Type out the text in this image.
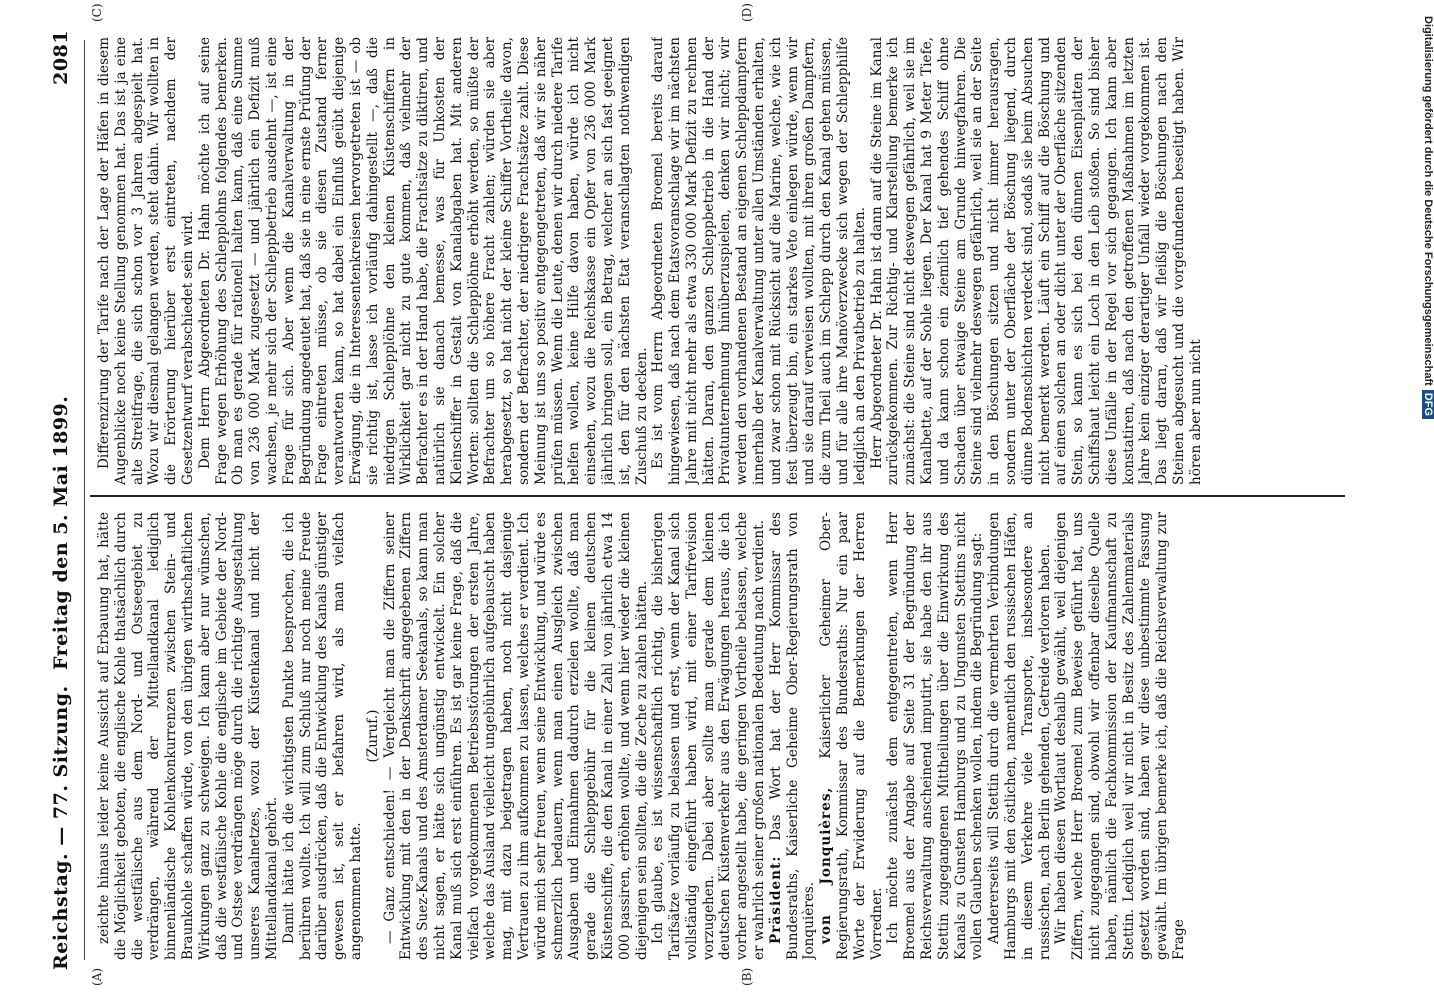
Reichstag. — 77. Sitzung.
Freitag den 5. Mai 1899.
2081
(A)	(B)
(C)	(D)

zeichte hinaus leider keine Aussicht auf Erbauung hat, hätte die Möglichkeit geboten, die englische Kohle thatsächlich durch die westfälische aus dem Nord- und Ostseegebiet zu verdrängen, während der Mittellandkanal lediglich binnenländische Kohlenkonkurrenzen zwischen Stein- und Braunkohle schaffen würde, von den übrigen wirthschaftlichen Wirkungen ganz zu schweigen. Ich kann aber nur wünschen, daß die westfälische Kohle die englische im Gebiete der Nord- und Ostsee verdrängen möge durch die richtige Ausgestaltung unseres Kanalnetzes, wozu der Küstenkanal und nicht der Mittellandkanal gehört. Damit hätte ich die wichtigsten Punkte besprochen, die ich berühren wollte. Ich will zum Schluß nur noch meine Freude darüber ausdrücken, daß die Entwicklung des Kanals günstiger gewesen ist, seit er befahren wird, als man vielfach angenommen hatte.

(Zuruf.) — Ganz entschieden! — Vergleicht man die Ziffern seiner Entwicklung mit den in der Denkschrift angegebenen Ziffern des Suez-Kanals und des Amsterdamer Seekanals, so kann man nicht sagen, er hätte sich ungünstig entwickelt. Ein solcher Kanal muß sich erst einführen. Es ist gar keine Frage, daß die vielfach vorgekommenen Betriebsstörungen der ersten Jahre, welche das Ausland vielleicht ungebührlich aufgebauscht haben mag, mit dazu beigetragen haben, noch nicht dasjenige Vertrauen zu ihm aufkommen zu lassen, welches er verdient. Ich würde mich sehr freuen, wenn seine Entwicklung, und würde es schmerzlich bedauern, wenn man einen Ausgleich zwischen Ausgaben und Einnahmen dadurch erzielen wollte, daß man gerade die Schleppgebühr für die kleinen deutschen Küstenschiffe, die den Kanal in einer Zahl von jährlich etwa 14 000 passiren, erhöhen wollte, und wenn hier wieder die kleinen diejenigen sein sollten, die die Zeche zu zahlen hätten. Ich glaube, es ist wissenschaftlich richtig, die bisherigen Tarifsätze vorläufig zu belassen und erst, wenn der Kanal sich vollständig eingeführt haben wird, mit einer Tarifrevision vorzugehen. Dabei aber sollte man gerade dem kleinen deutschen Küstenverkehr aus den Erwägungen heraus, die ich vorher angestellt habe, die geringen Vortheile belassen, welche er wahrlich seiner großen nationalen Bedeutung nach verdient. Präsident: Das Wort hat der Herr Kommissar des Bundesraths, Kaiserliche Geheime Ober-Regierungsrath von Jonquières. von Jonquières, Kaiserlicher Geheimer Ober-Regierungsrath, Kommissar des Bundesraths: Nur ein paar Worte der Erwiderung auf die Bemerkungen der Herren Vorredner. Ich möchte zunächst dem entgegentreten, wenn Herr Broemel aus der Angabe auf Seite 31 der Begründung der Reichsverwaltung anscheinend imputirt, sie habe den ihr aus Stettin zugegangenen Mittheilungen über die Einwirkung des Kanals zu Gunsten Hamburgs und zu Ungunsten Stettins nicht vollen Glauben schenken wollen, indem die Begründung sagt: Andererseits will Stettin durch die vermehrten Verbindungen Hamburgs mit den östlichen, namentlich den russischen Häfen, in diesem Verkehre viele Transporte, insbesondere an russischen, nach Berlin gehenden, Getreide verloren haben. Wir haben diesen Wortlaut deshalb gewählt, weil diejenigen Ziffern, welche Herr Broemel zum Beweise geführt hat, uns nicht zugegangen sind, obwohl wir offenbar dieselbe Quelle haben, nämlich die Fachkommission der Kaufmannschaft zu Stettin. Lediglich weil wir nicht in Besitz des Zahlenmaterials gesetzt worden sind, haben wir diese unbestimmte Fassung gewählt. Im übrigen bemerke ich, daß die Reichsverwaltung zur Frage

Differenzirung der Tarife nach der Lage der Häfen in diesem Augenblicke noch keine Stellung genommen hat. Das ist ja eine alte Streitfrage, die sich schon vor 3 Jahren abgespielt hat. Wozu wir diesmal gelangen werden, steht dahin. Wir wollten in die Erörterung hierüber erst eintreten, nachdem der Gesetzentwurf verabschiedet sein wird. Dem Herrn Abgeordneten Dr. Hahn möchte ich auf seine Frage wegen Erhöhung des Schlepplohns folgendes bemerken. Ob man es gerade für rationell halten kann, daß eine Summe von 236 000 Mark zugesetzt — und jährlich ein Defizit muß wachsen, je mehr sich der Schleppbetrieb ausdehnt —, ist eine Frage für sich. Aber wenn die Kanalverwaltung in der Begründung angedeutet hat, daß sie in eine ernste Prüfung der Frage eintreten müsse, ob sie diesen Zustand ferner verantworten kann, so hat dabei ein Einfluß geübt diejenige Erwägung, die in Interessentenkreisen hervorgetreten ist — ob sie richtig ist, lasse ich vorläufig dahingestellt —, daß die niedrigen Schlepplöhne den kleinen Küstenschiffern in Wirklichkeit gar nicht zu gute kommen, daß vielmehr der Befrachter es in der Hand habe, die Frachtsätze zu diktiren, und natürlich sie danach bemesse, was für Unkosten der Kleinschiffer in Gestalt von Kanalabgaben hat. Mit anderen Worten: sollten die Schlepplöhne erhöht werden, so müßte der Befrachter um so höhere Fracht zahlen; würden sie aber herabgesetzt, so hat nicht der kleine Schiffer Vortheile davon, sondern der Befrachter, der niedrigere Frachtsätze zahlt. Diese Meinung ist uns so positiv entgegengetreten, daß wir sie näher prüfen müssen. Wenn die Leute, denen wir durch niedere Tarife helfen wollen, keine Hilfe davon haben, würde ich nicht einsehen, wozu die Reichskasse ein Opfer von 236 000 Mark jährlich bringen soll, ein Betrag, welcher an sich fast geeignet ist, den für den nächsten Etat veranschlagten nothwendigen Zuschuß zu decken. Es ist vom Herrn Abgeordneten Broemel bereits darauf hingewiesen, daß nach dem Etatsvoranschlage wir im nächsten Jahre mit nicht mehr als etwa 330 000 Mark Defizit zu rechnen hätten. Daran, den ganzen Schleppbetrieb in die Hand der Privatunternehmung hinüberzuspielen, denken wir nicht; wir werden den vorhandenen Bestand an eigenen Schleppdampfern innerhalb der Kanalverwaltung unter allen Umständen erhalten, und zwar schon mit Rücksicht auf die Marine, welche, wie ich fest überzeugt bin, ein starkes Veto einlegen würde, wenn wir und sie darauf verweisen wollten, mit ihren großen Dampfern, die zum Theil auch im Schlepp durch den Kanal gehen müssen, und für alle ihre Manöverzwecke sich wegen der Schlepphilfe lediglich an den Privatbetrieb zu halten. Herr Abgeordneter Dr. Hahn ist dann auf die Steine im Kanal zurückgekommen. Zur Richtig- und Klarstellung bemerke ich zunächst: die Steine sind nicht deswegen gefährlich, weil sie im Kanalbette, auf der Sohle liegen. Der Kanal hat 9 Meter Tiefe, und da kann schon ein ziemlich tief gehendes Schiff ohne Schaden über etwaige Steine am Grunde hinwegfahren. Die Steine sind vielmehr deswegen gefährlich, weil sie an der Seite in den Böschungen sitzen und nicht immer herausragen, sondern unter der Oberfläche der Böschung liegend, durch dünne Bodenschichten verdeckt sind, sodaß sie beim Absuchen nicht bemerkt werden. Läuft ein Schiff auf die Böschung und auf einen solchen an oder dicht unter der Oberfläche sitzenden Stein, so kann es sich bei den dünnen Eisenplatten der Schiffshaut leicht ein Loch in den Leib stoßen. So sind bisher diese Unfälle in der Regel vor sich gegangen. Ich kann aber konstatiren, daß nach den getroffenen Maßnahmen im letzten Jahre kein einziger derartiger Unfall wieder vorgekommen ist. Das liegt daran, daß wir fleißig die Böschungen nach den Steinen abgesucht und die vorgefundenen beseitigt haben. Wir hören aber nun nicht

Digitalisierung gefördert durch die Deutsche ForschungsgemeinschaftDFG
